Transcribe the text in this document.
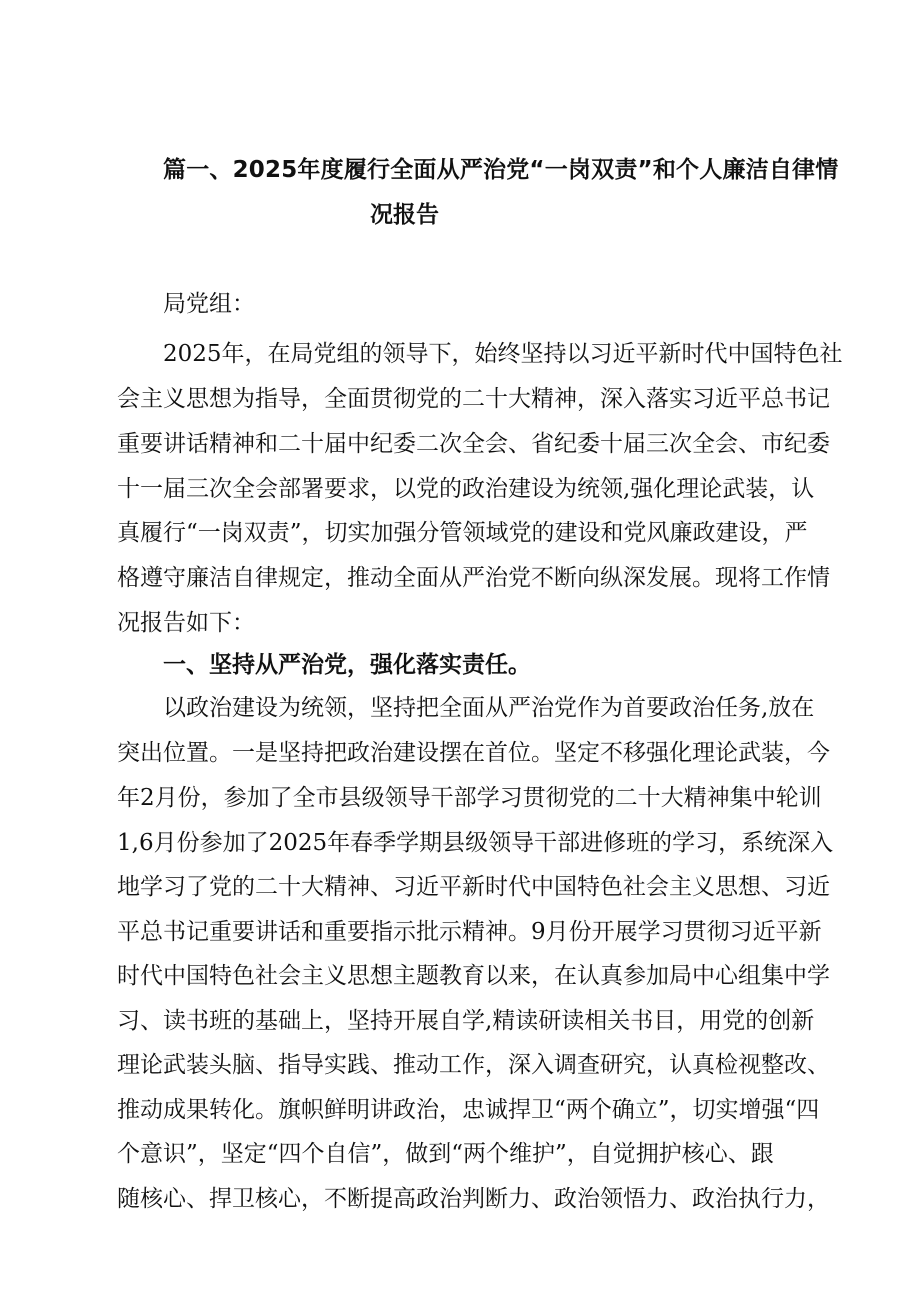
篇一、2025年度履行全面从严治党“一岗双责”和个人廉洁自律情
况报告
局党组：
2025年，在局党组的领导下，始终坚持以习近平新时代中国特色社
会主义思想为指导，全面贯彻党的二十大精神，深入落实习近平总书记
重要讲话精神和二十届中纪委二次全会、省纪委十届三次全会、市纪委
十一届三次全会部署要求，以党的政治建设为统领,强化理论武装，认
真履行“一岗双责”，切实加强分管领域党的建设和党风廉政建设，严
格遵守廉洁自律规定，推动全面从严治党不断向纵深发展。现将工作情
况报告如下：
一、坚持从严治党，强化落实责任。
以政治建设为统领，坚持把全面从严治党作为首要政治任务,放在
突出位置。一是坚持把政治建设摆在首位。坚定不移强化理论武装，今
年2月份，参加了全市县级领导干部学习贯彻党的二十大精神集中轮训
1,6月份参加了2025年春季学期县级领导干部进修班的学习，系统深入
地学习了党的二十大精神、习近平新时代中国特色社会主义思想、习近
平总书记重要讲话和重要指示批示精神。9月份开展学习贯彻习近平新
时代中国特色社会主义思想主题教育以来，在认真参加局中心组集中学
习、读书班的基础上，坚持开展自学,精读研读相关书目，用党的创新
理论武装头脑、指导实践、推动工作，深入调查研究，认真检视整改、
推动成果转化。旗帜鲜明讲政治，忠诚捍卫“两个确立”，切实增强“四
个意识”，坚定“四个自信”，做到“两个维护”，自觉拥护核心、跟
随核心、捍卫核心，不断提高政治判断力、政治领悟力、政治执行力，
